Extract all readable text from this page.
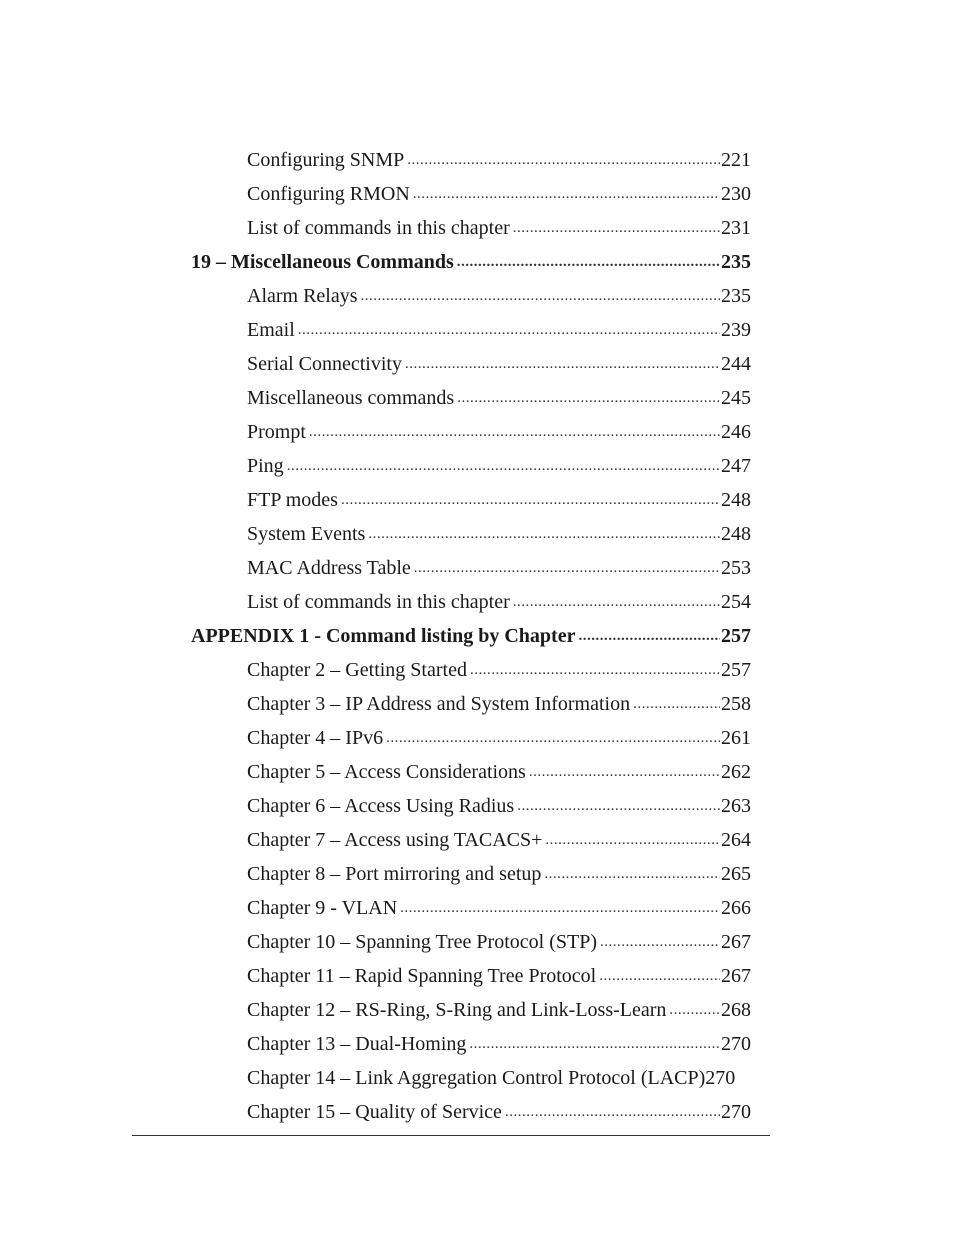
Configuring SNMP .....	221
Configuring RMON .....	230
List of commands in this chapter .....	231
19 – Miscellaneous Commands .....	235
Alarm Relays .....	235
Email .....	239
Serial Connectivity .....	244
Miscellaneous commands .....	245
Prompt .....	246
Ping .....	247
FTP modes .....	248
System Events .....	248
MAC Address Table .....	253
List of commands in this chapter .....	254
APPENDIX 1 - Command listing by Chapter .....	257
Chapter 2 – Getting Started .....	257
Chapter 3 – IP Address and System Information .....	258
Chapter 4 – IPv6 .....	261
Chapter 5 – Access Considerations .....	262
Chapter 6 – Access Using Radius .....	263
Chapter 7 – Access using TACACS+ .....	264
Chapter 8 – Port mirroring and setup .....	265
Chapter 9 - VLAN .....	266
Chapter 10 – Spanning Tree Protocol (STP) .....	267
Chapter 11 – Rapid Spanning Tree Protocol .....	267
Chapter 12 – RS-Ring, S-Ring and Link-Loss-Learn .....	268
Chapter 13 – Dual-Homing .....	270
Chapter 14 – Link Aggregation Control Protocol (LACP) 270
Chapter 15 – Quality of Service .....	270
